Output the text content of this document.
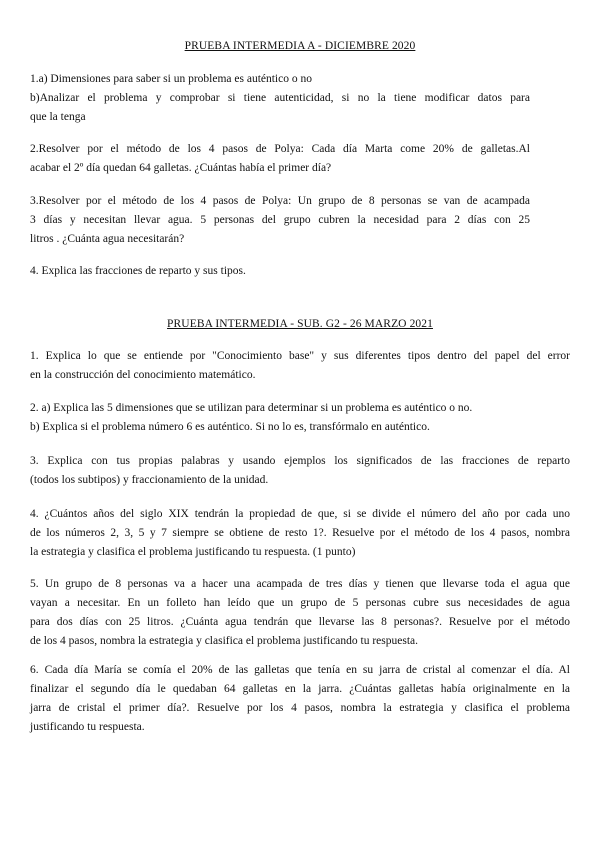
PRUEBA INTERMEDIA A - DICIEMBRE 2020
1.a) Dimensiones para saber si un problema es auténtico o no
b)Analizar el problema y comprobar si tiene autenticidad, si no la tiene modificar datos para
que la tenga
2.Resolver por el método de los 4 pasos de Polya: Cada día Marta come 20% de galletas.Al
acabar el 2º día quedan 64 galletas. ¿Cuántas había el primer día?
3.Resolver por el método de los 4 pasos de Polya: Un grupo de 8 personas se van de acampada
3 días y necesitan llevar agua. 5 personas del grupo cubren la necesidad para 2 días con 25
litros . ¿Cuánta agua necesitarán?
4. Explica las fracciones de reparto y sus tipos.
PRUEBA INTERMEDIA - SUB. G2 - 26 MARZO 2021
1. Explica lo que se entiende por "Conocimiento base" y sus diferentes tipos dentro del papel del error
en la construcción del conocimiento matemático.
2. a) Explica las 5 dimensiones que se utilizan para determinar si un problema es auténtico o no.
b) Explica si el problema número 6 es auténtico. Si no lo es, transfórmalo en auténtico.
3. Explica con tus propias palabras y usando ejemplos los significados de las fracciones de reparto
(todos los subtipos) y fraccionamiento de la unidad.
4. ¿Cuántos años del siglo XIX tendrán la propiedad de que, si se divide el número del año por cada uno
de los números 2, 3, 5 y 7 siempre se obtiene de resto 1?. Resuelve por el método de los 4 pasos, nombra
la estrategia y clasifica el problema justificando tu respuesta. (1 punto)
5. Un grupo de 8 personas va a hacer una acampada de tres días y tienen que llevarse toda el agua que
vayan a necesitar. En un folleto han leído que un grupo de 5 personas cubre sus necesidades de agua
para dos días con 25 litros. ¿Cuánta agua tendrán que llevarse las 8 personas?. Resuelve por el método
de los 4 pasos, nombra la estrategia y clasifica el problema justificando tu respuesta.
6. Cada día María se comía el 20% de las galletas que tenía en su jarra de cristal al comenzar el día. Al
finalizar el segundo día le quedaban 64 galletas en la jarra. ¿Cuántas galletas había originalmente en la
jarra de cristal el primer día?. Resuelve por los 4 pasos, nombra la estrategia y clasifica el problema
justificando tu respuesta.
